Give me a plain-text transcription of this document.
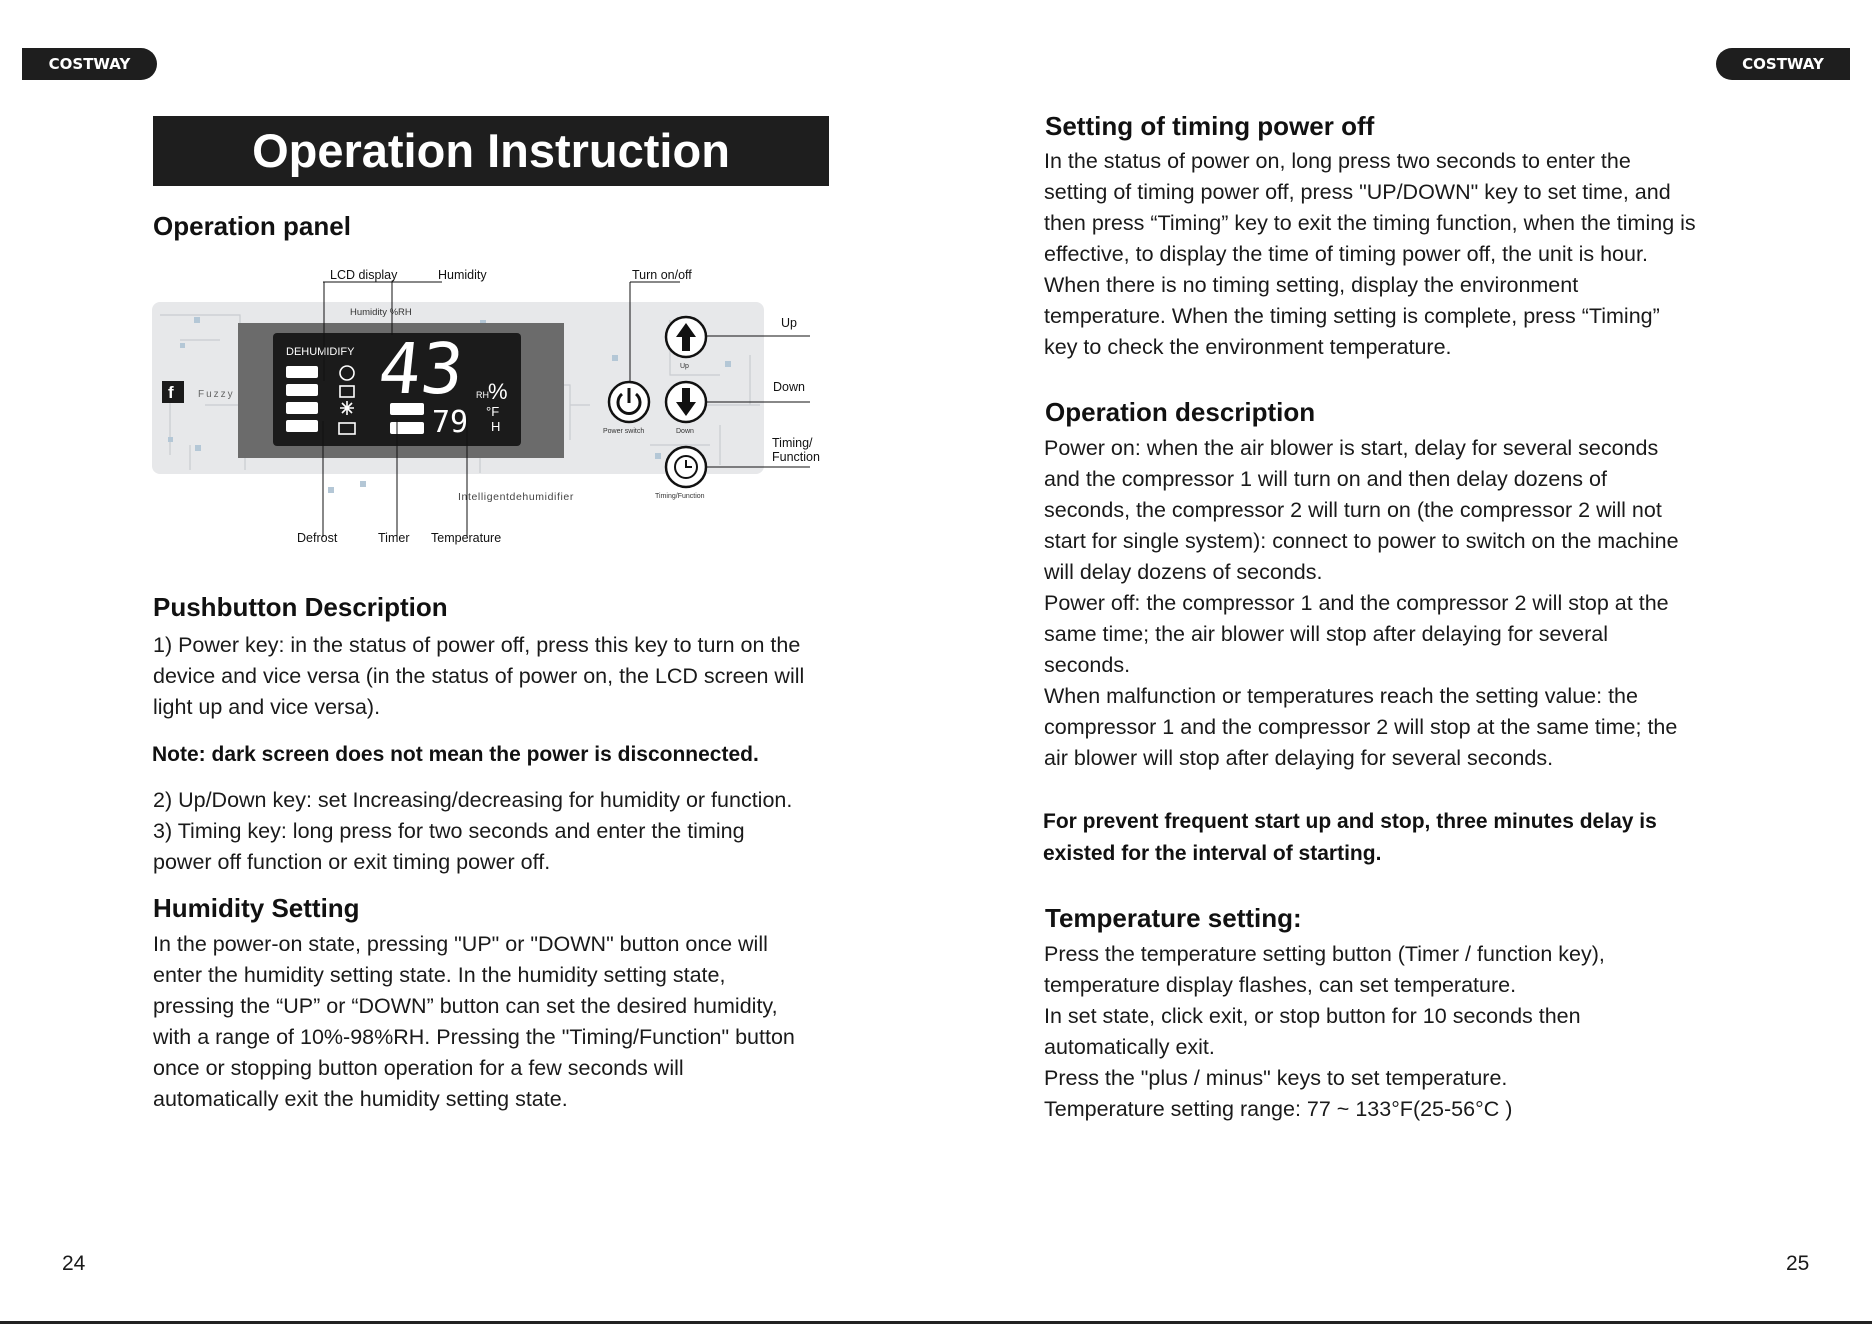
COSTWAY	COSTWAY
Operation Instruction
Operation panel
DEHUMIDIFY 43 RH %
79 °F
H
f Fuzzy
Humidity %RH
Up
Down
Power switch
Timing/Function
Intelligentdehumidifier
LCD display	Humidity	Turn on/off
Up
Down
Timing/
Function
Defrost	Timer Temperature
Pushbutton Description

1) Power key: in the status of power off, press this key to turn on the

device and vice versa (in the status of power on, the LCD screen will

light up and vice versa).

Note: dark screen does not mean the power is disconnected.

2) Up/Down key: set Increasing/decreasing for humidity or function.

3) Timing key: long press for two seconds and enter the timing

power off function or exit timing power off.

Humidity Setting

In the power-on state, pressing "UP" or "DOWN" button once will

enter the humidity setting state. In the humidity setting state,

pressing the “UP” or “DOWN” button can set the desired humidity,

with a range of 10%-98%RH. Pressing the "Timing/Function" button

once or stopping button operation for a few seconds will

automatically exit the humidity setting state.

24
Setting of timing power off

In the status of power on, long press two seconds to enter the

setting of timing power off, press "UP/DOWN" key to set time, and

then press “Timing” key to exit the timing function, when the timing is

effective, to display the time of timing power off, the unit is hour.

When there is no timing setting, display the environment

temperature. When the timing setting is complete, press “Timing”

key to check the environment temperature.

Operation description

Power on: when the air blower is start, delay for several seconds

and the compressor 1 will turn on and then delay dozens of

seconds, the compressor 2 will turn on (the compressor 2 will not

start for single system): connect to power to switch on the machine

will delay dozens of seconds.

Power off: the compressor 1 and the compressor 2 will stop at the

same time; the air blower will stop after delaying for several

seconds.

When malfunction or temperatures reach the setting value: the

compressor 1 and the compressor 2 will stop at the same time; the

air blower will stop after delaying for several seconds.

For prevent frequent start up and stop, three minutes delay is

existed for the interval of starting.

Temperature setting:

Press the temperature setting button (Timer / function key),

temperature display flashes, can set temperature.

In set state, click exit, or stop button for 10 seconds then

automatically exit.

Press the "plus / minus" keys to set temperature.

Temperature setting range: 77 ~ 133°F(25-56°C )

25
